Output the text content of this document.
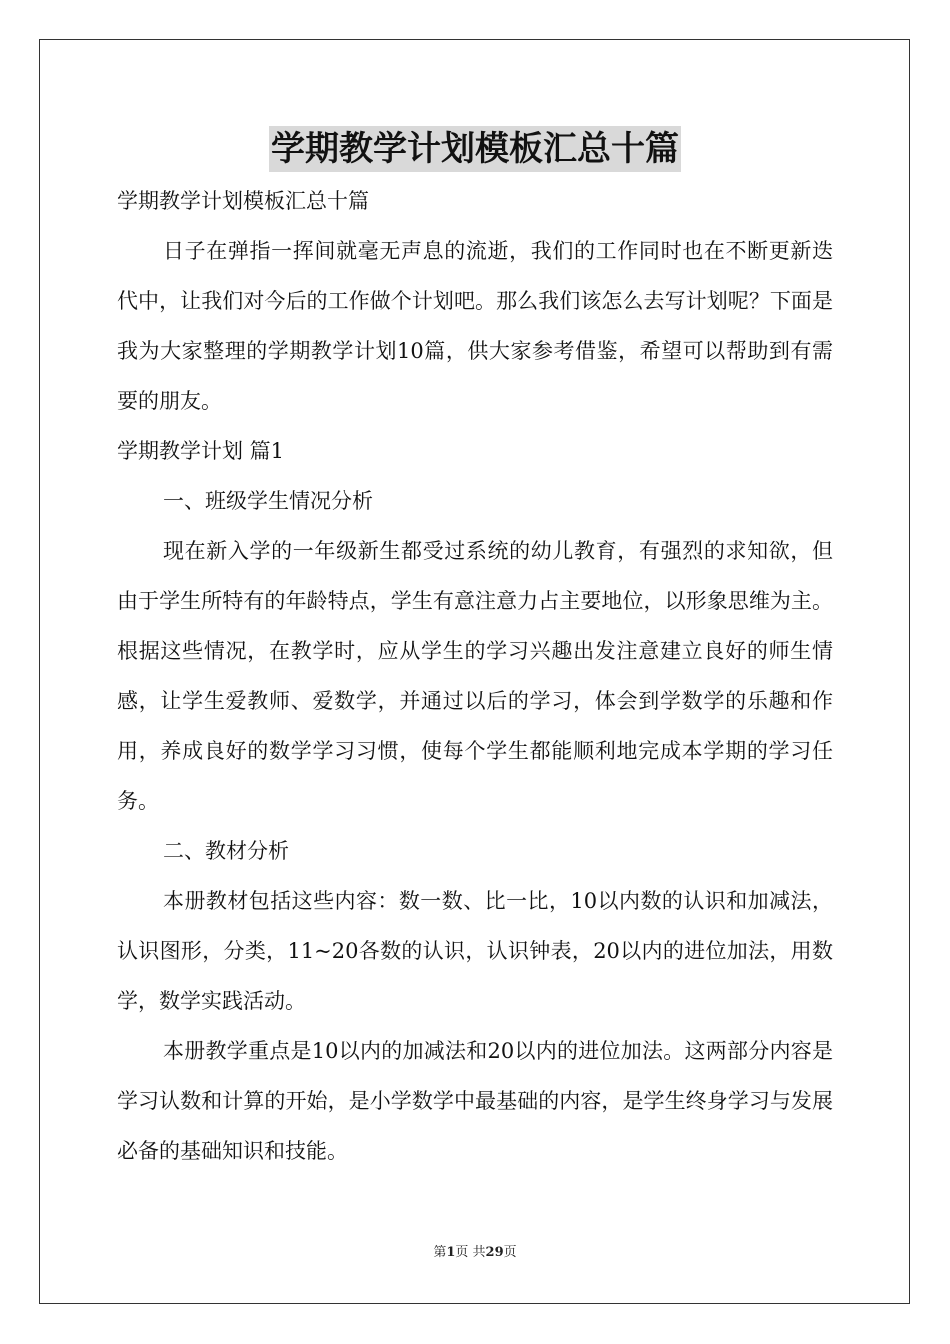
学期教学计划模板汇总十篇

学期教学计划模板汇总十篇

日子在弹指一挥间就毫无声息的流逝，我们的工作同时也在不断更新迭代中，让我们对今后的工作做个计划吧。那么我们该怎么去写计划呢？下面是我为大家整理的学期教学计划10篇，供大家参考借鉴，希望可以帮助到有需要的朋友。

学期教学计划 篇1

一、班级学生情况分析

现在新入学的一年级新生都受过系统的幼儿教育，有强烈的求知欲，但由于学生所特有的年龄特点，学生有意注意力占主要地位，以形象思维为主。根据这些情况，在教学时，应从学生的学习兴趣出发注意建立良好的师生情感，让学生爱教师、爱数学，并通过以后的学习，体会到学数学的乐趣和作用，养成良好的数学学习习惯，使每个学生都能顺利地完成本学期的学习任务。

二、教材分析

本册教材包括这些内容：数一数、比一比，10以内数的认识和加减法，认识图形，分类，11~20各数的认识，认识钟表，20以内的进位加法，用数学，数学实践活动。

本册教学重点是10以内的加减法和20以内的进位加法。这两部分内容是学习认数和计算的开始，是小学数学中最基础的内容，是学生终身学习与发展必备的基础知识和技能。

第1页 共29页
